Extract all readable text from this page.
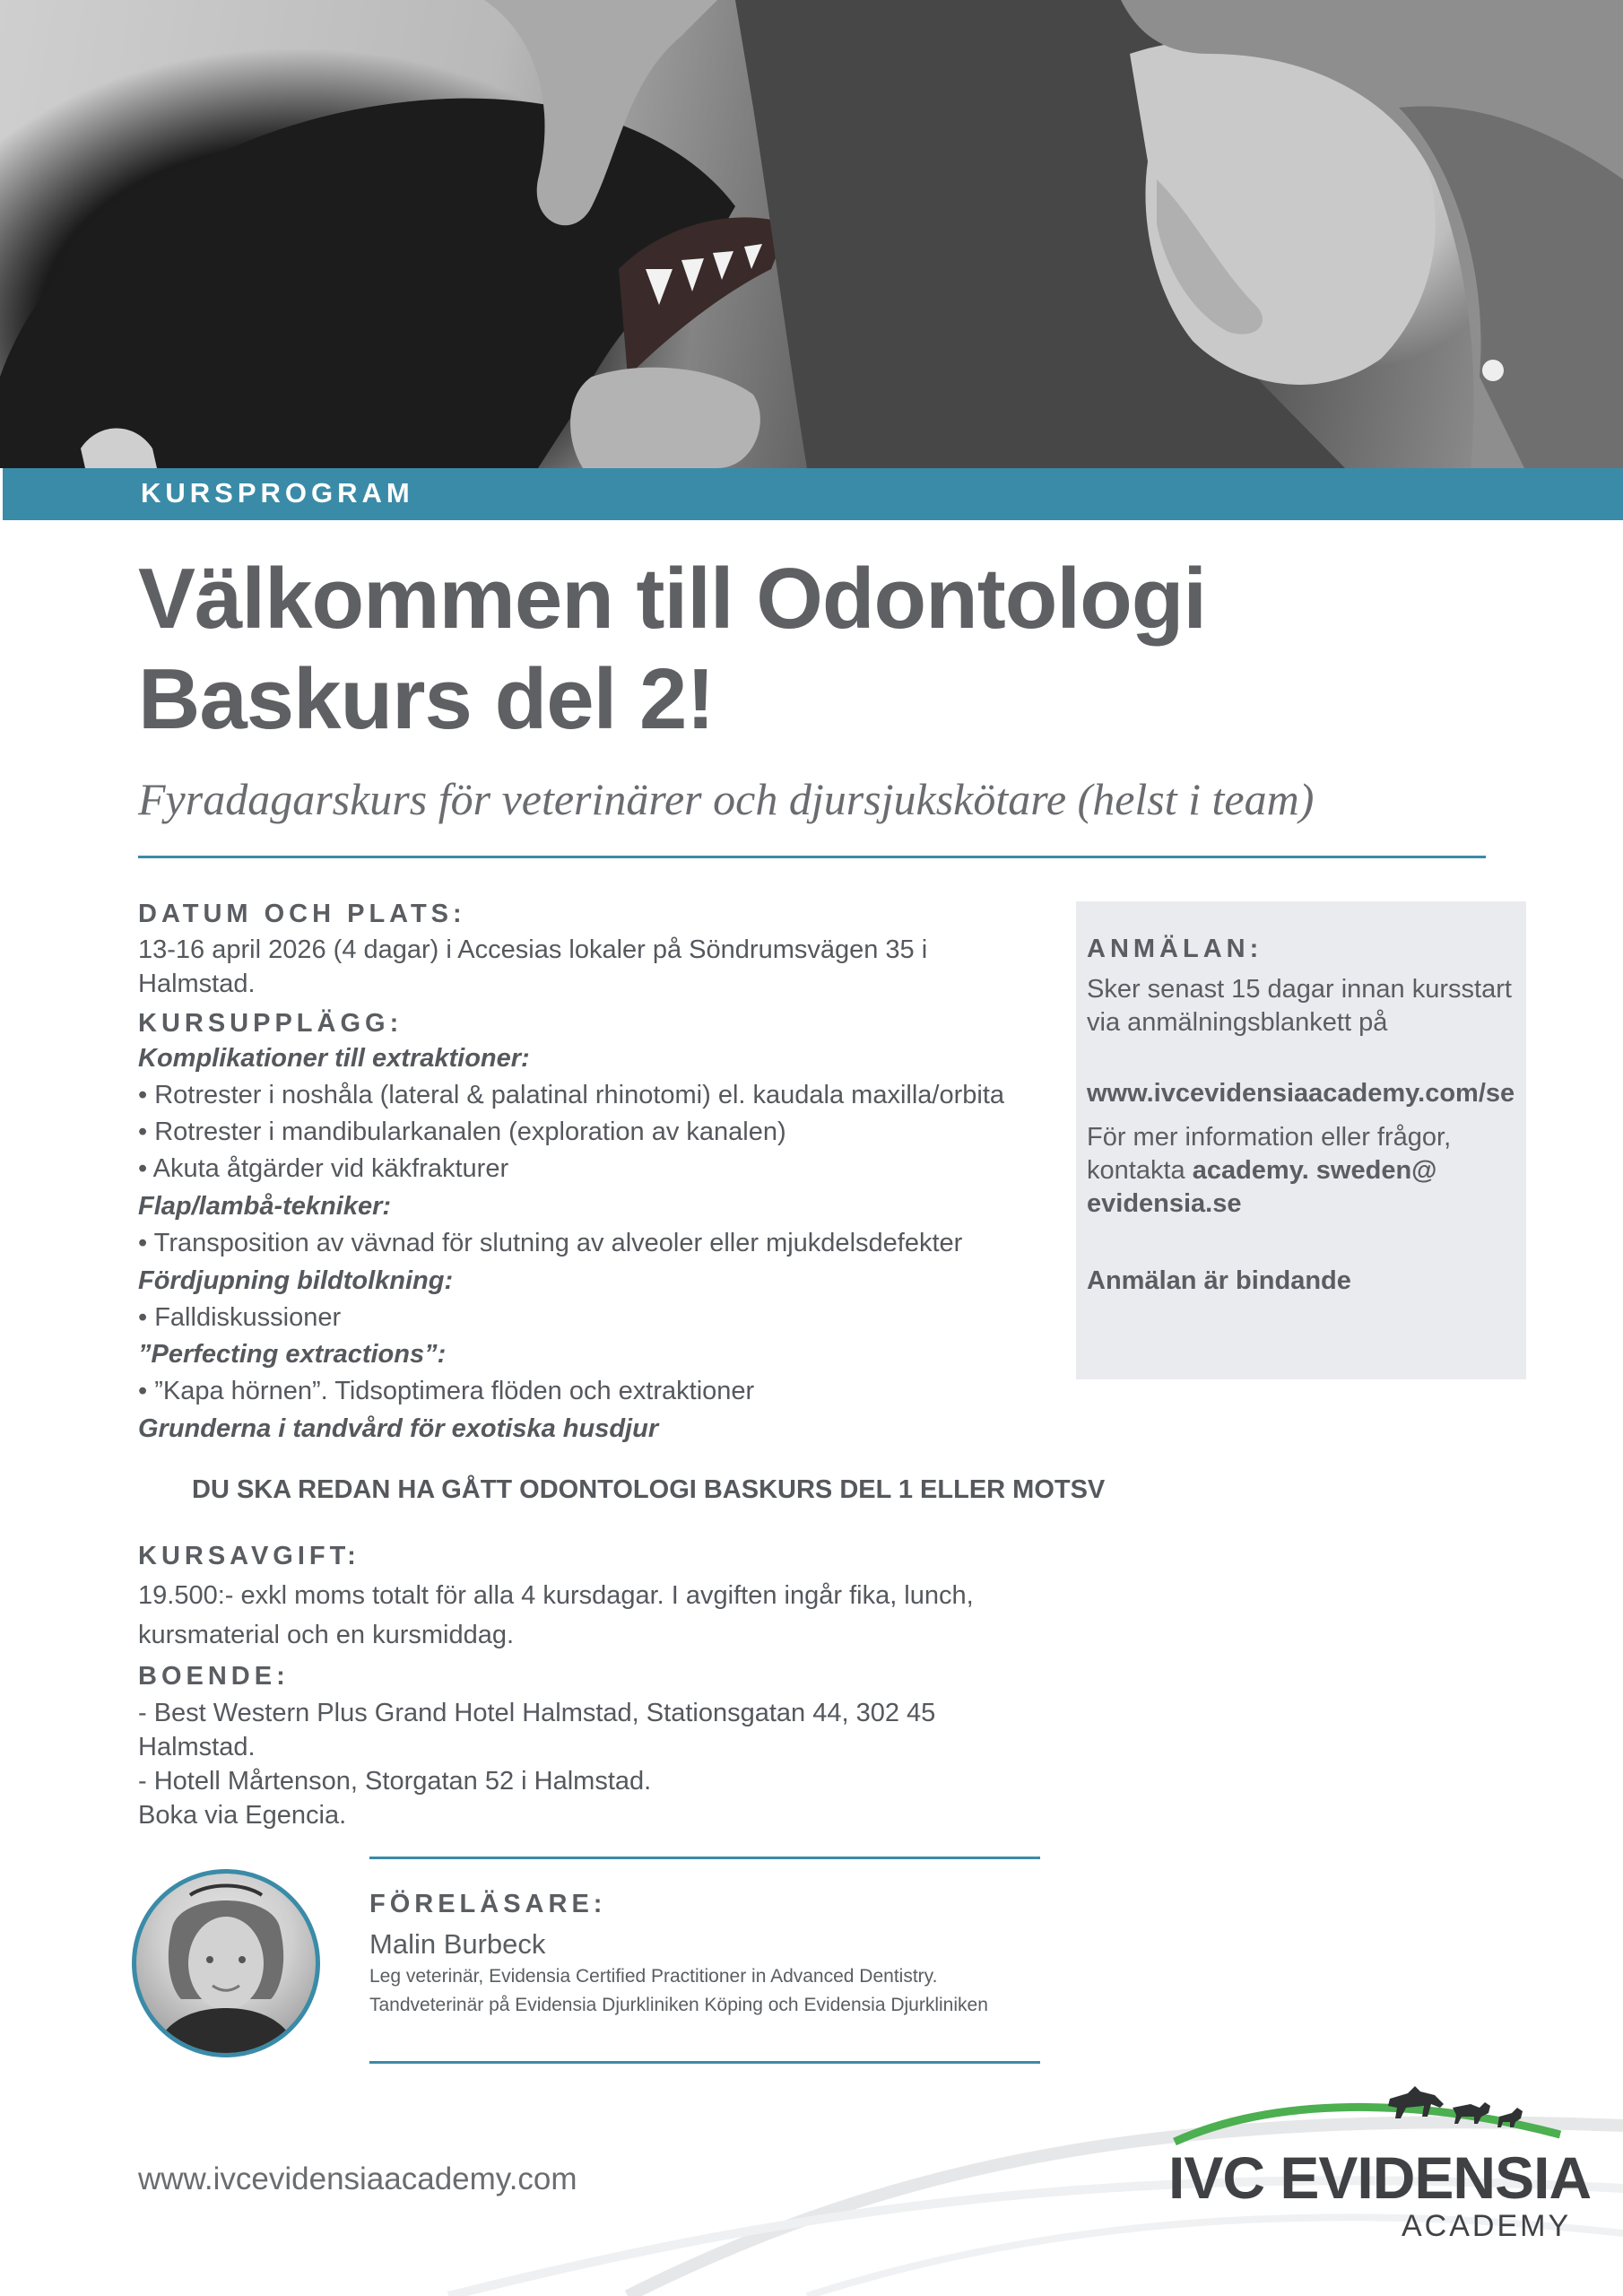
KURSPROGRAM
Välkommen till Odontologi
Baskurs del 2!
Fyradagarskurs för veterinärer och djursjukskötare (helst i team)
DATUM OCH PLATS:
13-16 april 2026 (4 dagar) i Accesias lokaler på Söndrumsvägen 35 i
Halmstad.
KURSUPPLÄGG:
Komplikationer till extraktioner:
• Rotrester i noshåla (lateral & palatinal rhinotomi) el. kaudala maxilla/orbita
• Rotrester i mandibularkanalen (exploration av kanalen)
• Akuta åtgärder vid käkfrakturer
Flap/lambå-tekniker:
• Transposition av vävnad för slutning av alveoler eller mjukdelsdefekter
Fördjupning bildtolkning:
• Falldiskussioner
”Perfecting extractions”:
• ”Kapa hörnen”. Tidsoptimera flöden och extraktioner
Grunderna i tandvård för exotiska husdjur
DU SKA REDAN HA GÅTT ODONTOLOGI BASKURS DEL 1 ELLER MOTSV
KURSAVGIFT:
19.500:- exkl moms totalt för alla 4 kursdagar. I avgiften ingår fika, lunch,
kursmaterial och en kursmiddag.
BOENDE:
- Best Western Plus Grand Hotel Halmstad, Stationsgatan 44, 302 45
Halmstad.
- Hotell Mårtenson, Storgatan 52 i Halmstad.
Boka via Egencia.
ANMÄLAN:
Sker senast 15 dagar innan kursstart via anmälningsblankett på
www.ivcevidensiaacademy.com/se
För mer information eller frågor,
kontakta academy. sweden@
evidensia.se
Anmälan är bindande
FÖRELÄSARE:
Malin Burbeck
Leg veterinär, Evidensia Certified Practitioner in Advanced Dentistry.
Tandveterinär på Evidensia Djurkliniken Köping och Evidensia Djurkliniken
www.ivcevidensiaacademy.com	IVC EVIDENSIA
ACADEMY
